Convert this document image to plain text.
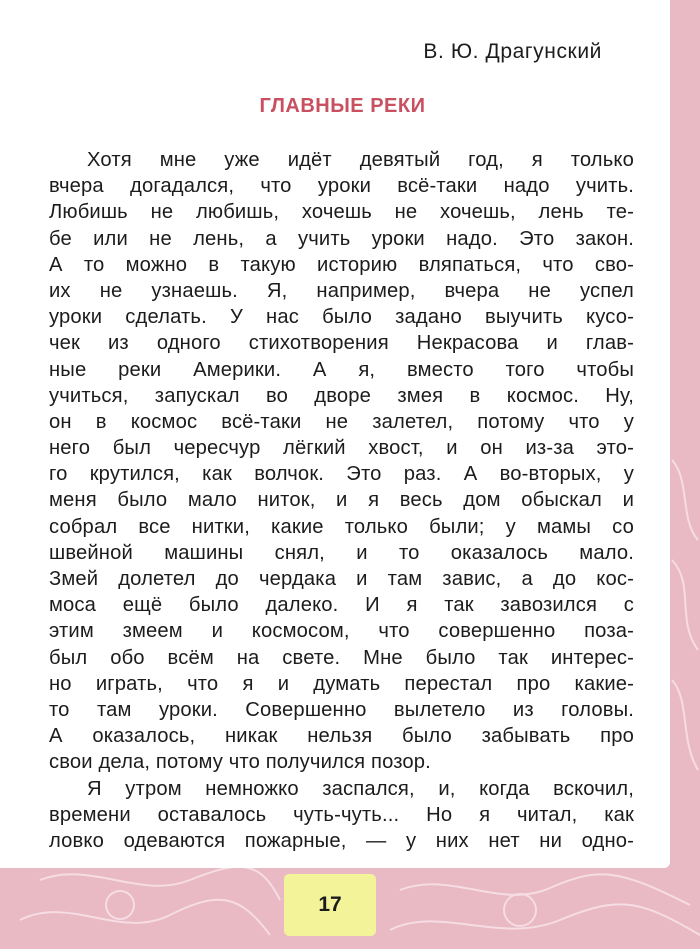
В. Ю. Драгунский
ГЛАВНЫЕ РЕКИ
Хотя мне уже идёт девятый год, я только
вчера догадался, что уроки всё-таки надо учить.
Любишь не любишь, хочешь не хочешь, лень те-
бе или не лень, а учить уроки надо. Это закон.
А то можно в такую историю вляпаться, что сво-
их не узнаешь. Я, например, вчера не успел
уроки сделать. У нас было задано выучить кусо-
чек из одного стихотворения Некрасова и глав-
ные реки Америки. А я, вместо того чтобы
учиться, запускал во дворе змея в космос. Ну,
он в космос всё-таки не залетел, потому что у
него был чересчур лёгкий хвост, и он из-за это-
го крутился, как волчок. Это раз. А во-вторых, у
меня было мало ниток, и я весь дом обыскал и
собрал все нитки, какие только были; у мамы со
швейной машины снял, и то оказалось мало.
Змей долетел до чердака и там завис, а до кос-
моса ещё было далеко. И я так завозился с
этим змеем и космосом, что совершенно поза-
был обо всём на свете. Мне было так интерес-
но играть, что я и думать перестал про какие-
то там уроки. Совершенно вылетело из головы.
А оказалось, никак нельзя было забывать про
свои дела, потому что получился позор.
Я утром немножко заспался, и, когда вскочил,
времени оставалось чуть-чуть... Но я читал, как
ловко одеваются пожарные, — у них нет ни одно-
17
